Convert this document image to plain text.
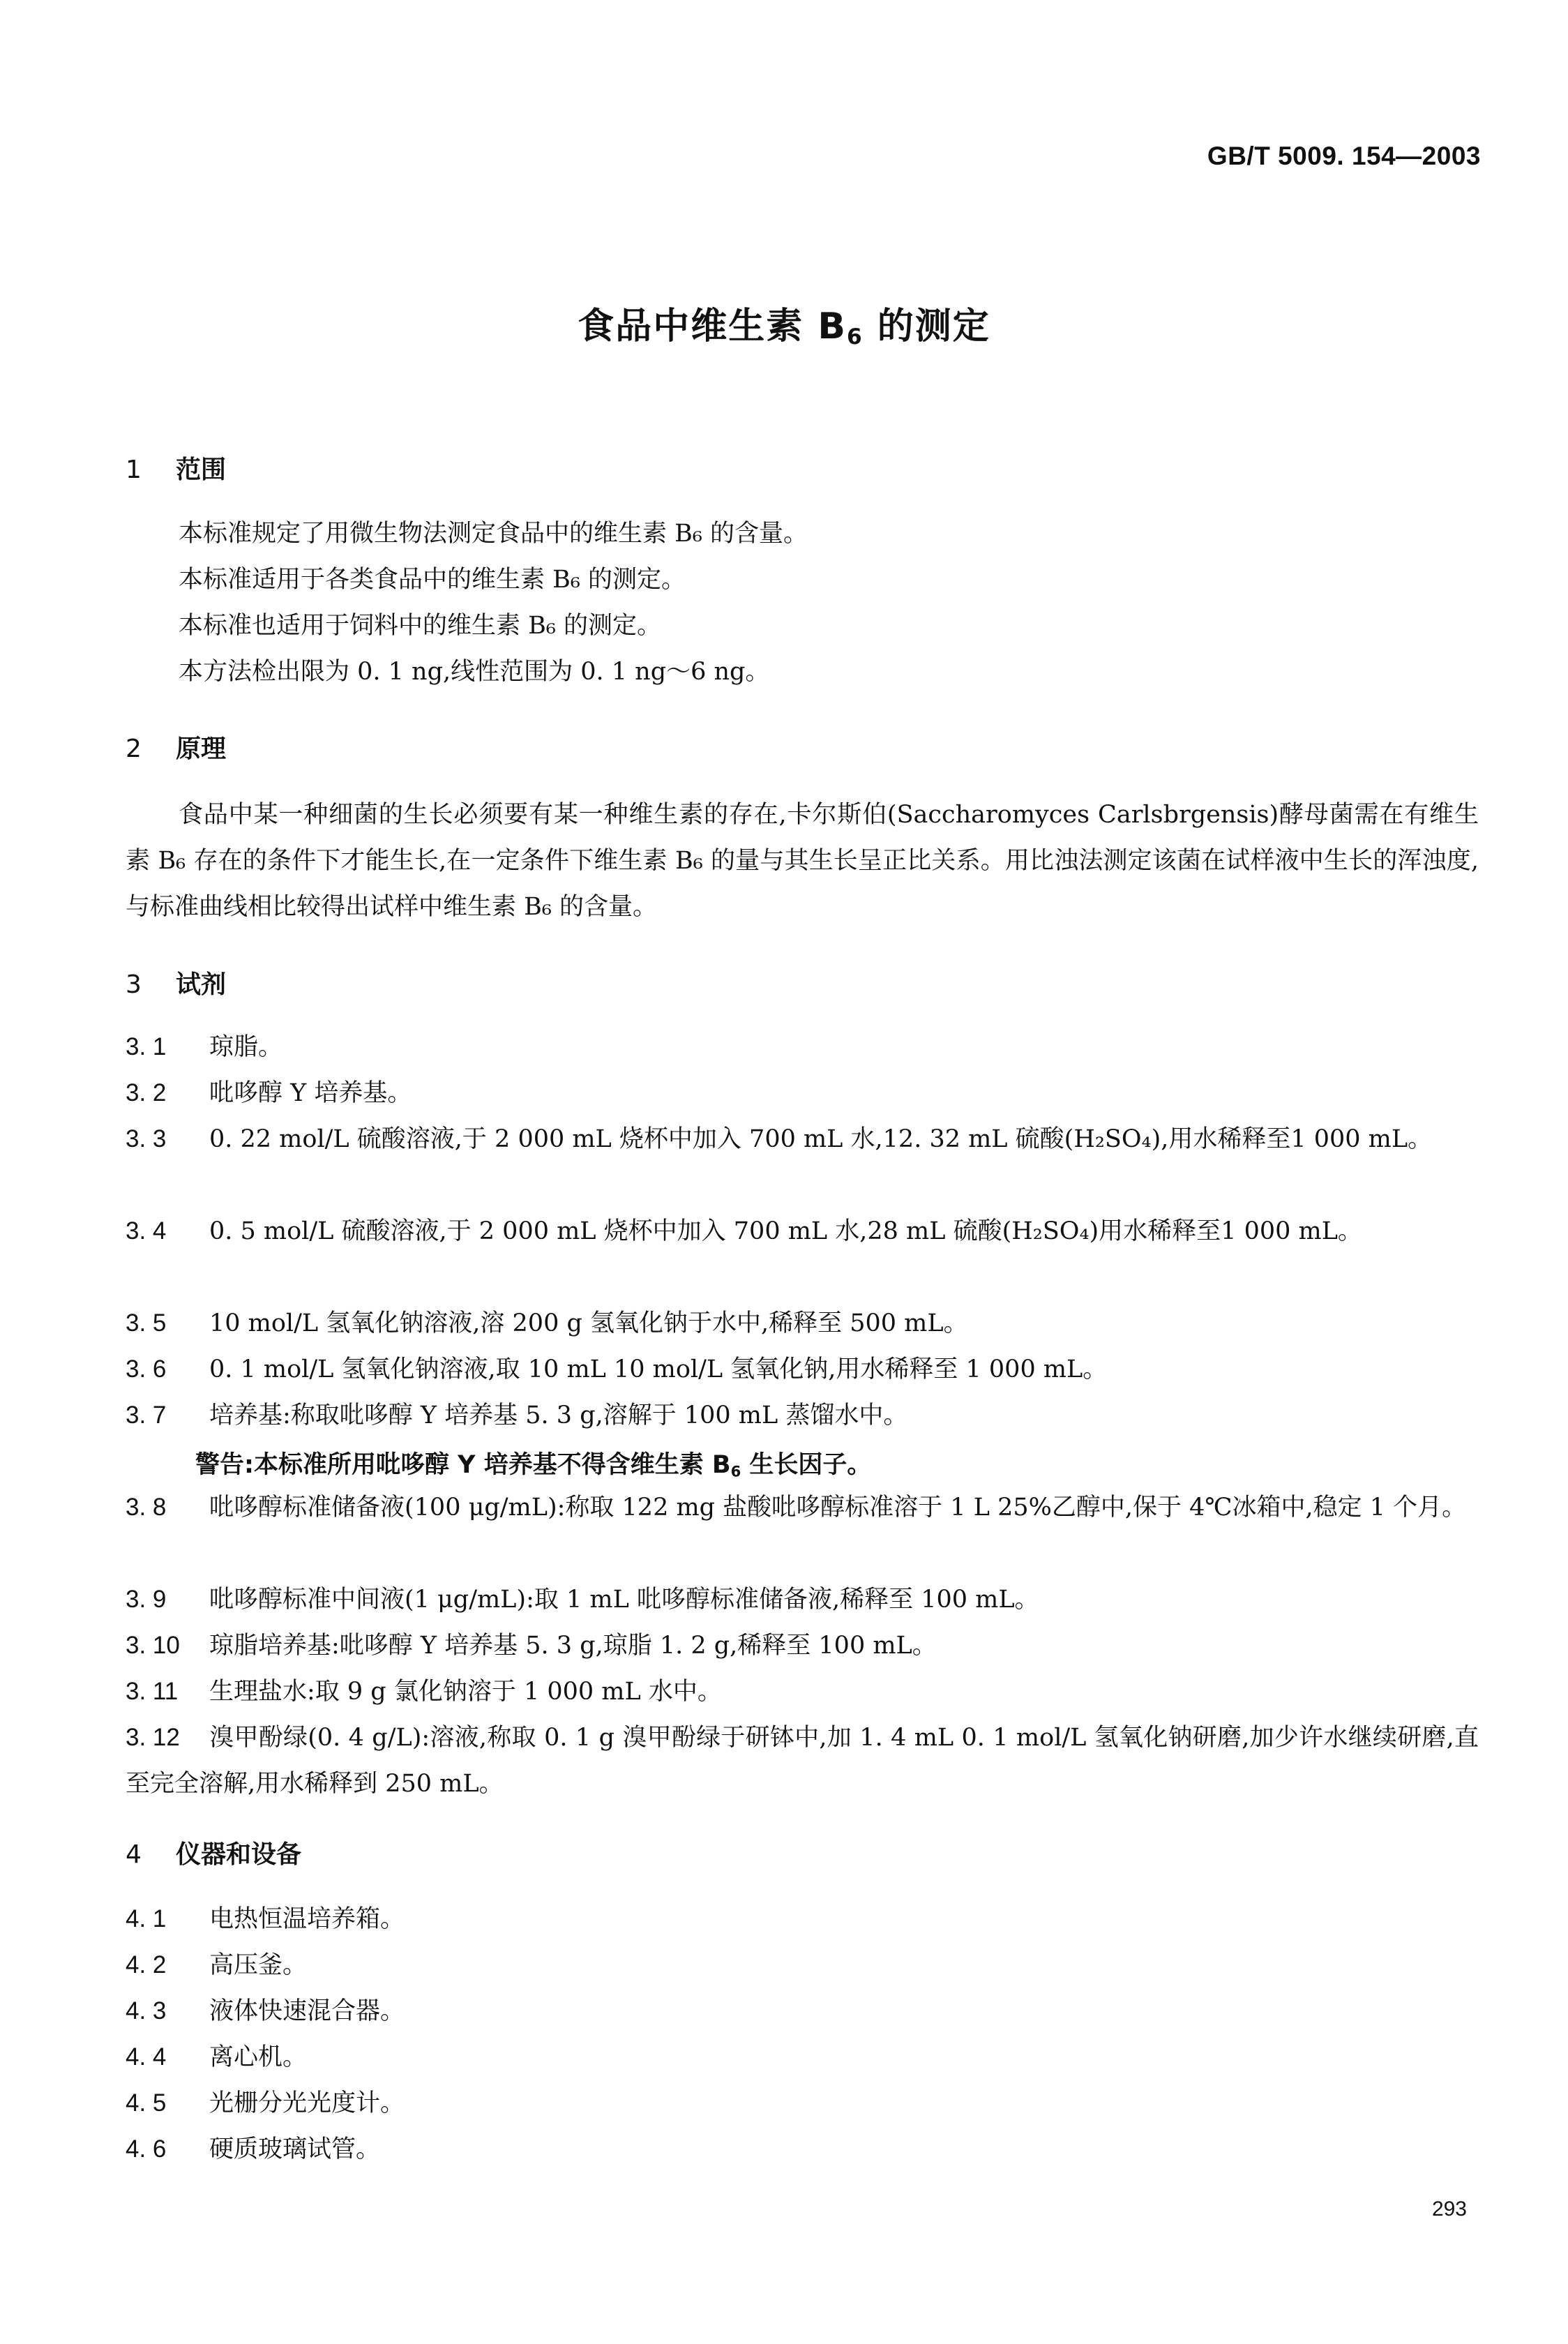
GB/T 5009. 154—2003
食品中维生素 $B_6$ 的测定
1 范围
本标准规定了用微生物法测定食品中的维生素 B₆ 的含量。
本标准适用于各类食品中的维生素 B₆ 的测定。
本标准也适用于饲料中的维生素 B₆ 的测定。
本方法检出限为 0. 1 ng,线性范围为 0. 1 ng～6 ng。
2 原理
食品中某一种细菌的生长必须要有某一种维生素的存在,卡尔斯伯(Saccharomyces Carlsbrgensis)酵母菌需在有维生素 B₆ 存在的条件下才能生长,在一定条件下维生素 B₆ 的量与其生长呈正比关系。用比浊法测定该菌在试样液中生长的浑浊度,与标准曲线相比较得出试样中维生素 B₆ 的含量。
3 试剂
3. 1 琼脂。
3. 2 吡哆醇 Y 培养基。
3. 3 0. 22 mol/L 硫酸溶液,于 2 000 mL 烧杯中加入 700 mL 水,12. 32 mL 硫酸(H₂SO₄),用水稀释至1 000 mL。
3. 4 0. 5 mol/L 硫酸溶液,于 2 000 mL 烧杯中加入 700 mL 水,28 mL 硫酸(H₂SO₄)用水稀释至1 000 mL。
3. 5 10 mol/L 氢氧化钠溶液,溶 200 g 氢氧化钠于水中,稀释至 500 mL。
3. 6 0. 1 mol/L 氢氧化钠溶液,取 10 mL 10 mol/L 氢氧化钠,用水稀释至 1 000 mL。
3. 7 培养基:称取吡哆醇 Y 培养基 5. 3 g,溶解于 100 mL 蒸馏水中。
警告:本标准所用吡哆醇 Y 培养基不得含维生素 $B_6$ 生长因子。
3. 8 吡哆醇标准储备液(100 μg/mL):称取 122 mg 盐酸吡哆醇标准溶于 1 L 25%乙醇中,保于 4℃冰箱中,稳定 1 个月。
3. 9 吡哆醇标准中间液(1 μg/mL):取 1 mL 吡哆醇标准储备液,稀释至 100 mL。
3. 10 琼脂培养基:吡哆醇 Y 培养基 5. 3 g,琼脂 1. 2 g,稀释至 100 mL。
3. 11 生理盐水:取 9 g 氯化钠溶于 1 000 mL 水中。
3. 12 溴甲酚绿(0. 4 g/L):溶液,称取 0. 1 g 溴甲酚绿于研钵中,加 1. 4 mL 0. 1 mol/L 氢氧化钠研磨,加少许水继续研磨,直至完全溶解,用水稀释到 250 mL。
4 仪器和设备
4. 1 电热恒温培养箱。
4. 2 高压釜。
4. 3 液体快速混合器。
4. 4 离心机。
4. 5 光栅分光光度计。
4. 6 硬质玻璃试管。
293
